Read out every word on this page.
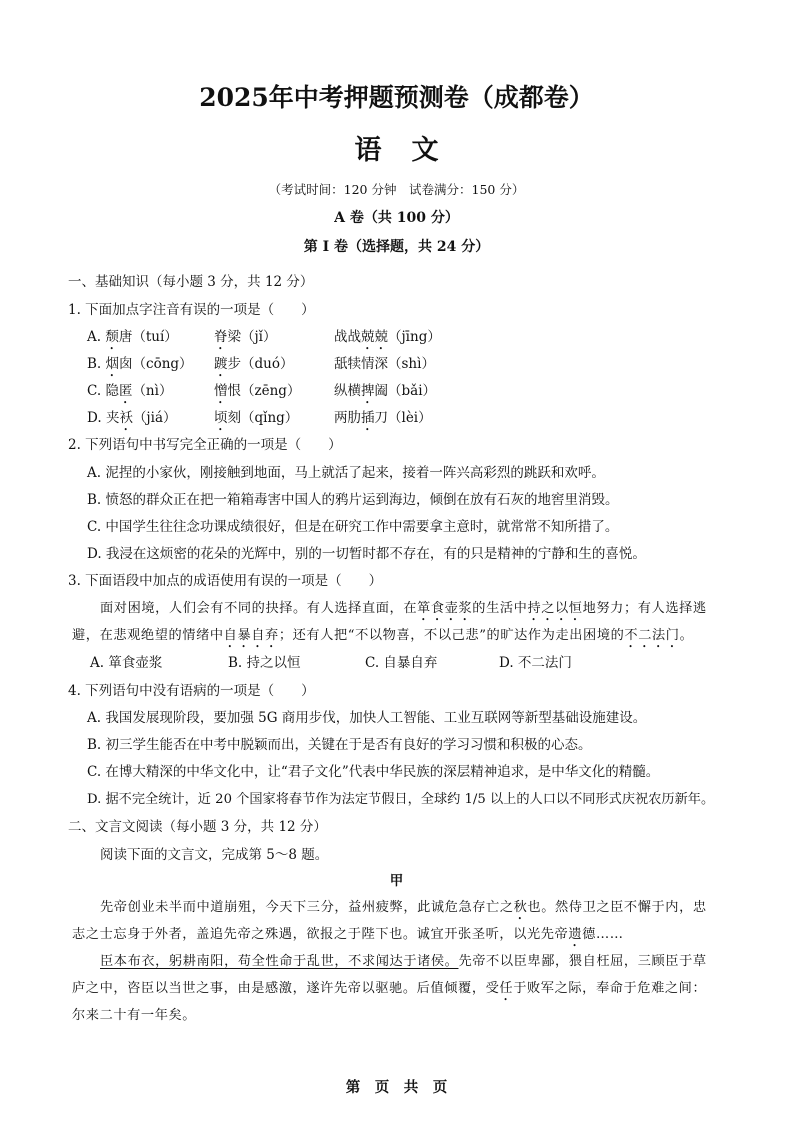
2025年中考押题预测卷（成都卷）
语文
（考试时间：120 分钟　试卷满分：150 分）
A 卷（共 100 分）
第 Ⅰ 卷（选择题，共 24 分）
一、基础知识（每小题 3 分，共 12 分）
1. 下面加点字注音有误的一项是（　　）
A. 颓唐（tuí）	脊梁（jǐ）	战战兢兢（jīng）
B. 烟囱（cōng） 踱步（duó）	舐犊情深（shì）
C. 隐匿（nì）	憎恨（zēng） 纵横捭阖（bǎi）
D. 夹袄（jiá）	顷刻（qǐng）	两肋插刀（lèi）
2. 下列语句中书写完全正确的一项是（　　）
A. 泥捏的小家伙，刚接触到地面，马上就活了起来，接着一阵兴高彩烈的跳跃和欢呼。
B. 愤怒的群众正在把一箱箱毒害中国人的鸦片运到海边，倾倒在放有石灰的地窖里消毁。
C. 中国学生往往念功课成绩很好，但是在研究工作中需要拿主意时，就常常不知所措了。
D. 我浸在这烦密的花朵的光辉中，别的一切暂时都不存在，有的只是精神的宁静和生的喜悦。
3. 下面语段中加点的成语使用有误的一项是（　　）
面对困境，人们会有不同的抉择。有人选择直面，在箪食壶浆的生活中持之以恒地努力；有人选择逃
避，在悲观绝望的情绪中自暴自弃；还有人把“不以物喜，不以己悲”的旷达作为走出困境的不二法门。
A. 箪食壶浆	B. 持之以恒	C. 自暴自弃	D. 不二法门
4. 下列语句中没有语病的一项是（　　）
A. 我国发展现阶段，要加强 5G 商用步伐，加快人工智能、工业互联网等新型基础设施建设。
B. 初三学生能否在中考中脱颖而出，关键在于是否有良好的学习习惯和积极的心态。
C. 在博大精深的中华文化中，让“君子文化”代表中华民族的深层精神追求，是中华文化的精髓。
D. 据不完全统计，近 20 个国家将春节作为法定节假日，全球约 1/5 以上的人口以不同形式庆祝农历新年。
二、文言文阅读（每小题 3 分，共 12 分）
阅读下面的文言文，完成第 5～8 题。
甲
先帝创业未半而中道崩殂，今天下三分，益州疲弊，此诚危急存亡之秋也。然侍卫之臣不懈于内，忠
志之士忘身于外者，盖追先帝之殊遇，欲报之于陛下也。诚宜开张圣听，以光先帝遗德……
臣本布衣，躬耕南阳，苟全性命于乱世，不求闻达于诸侯。先帝不以臣卑鄙，猥自枉屈，三顾臣于草
庐之中，咨臣以当世之事，由是感激，遂许先帝以驱驰。后值倾覆，受任于败军之际，奉命于危难之间：
尔来二十有一年矣。
第　页　共　页
